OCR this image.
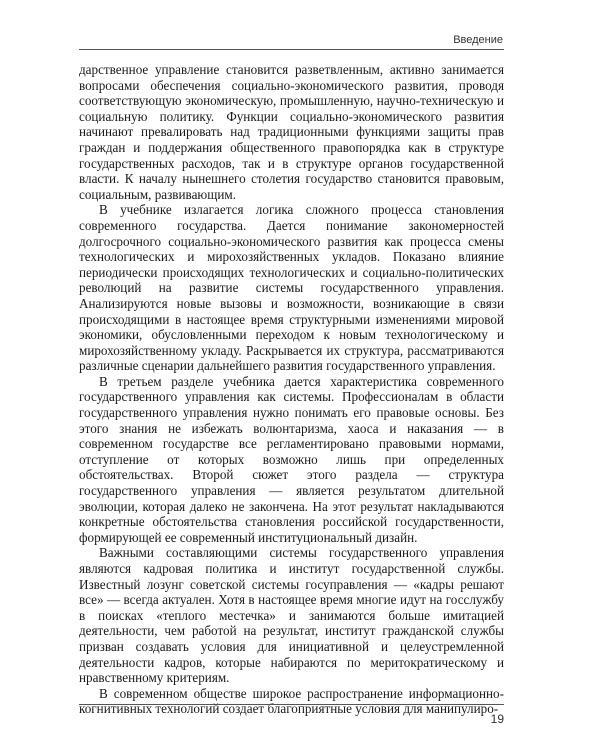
Введение

дарственное управление становится разветвленным, активно занимается вопросами обеспечения социально-экономического развития, проводя соответствующую экономическую, промышленную, научно-техническую и социальную политику. Функции социально-экономического развития начинают превалировать над традиционными функциями защиты прав граждан и поддержания общественного правопорядка как в структуре государственных расходов, так и в структуре органов государственной власти. К началу нынешнего столетия государство становится правовым, социальным, развивающим.

В учебнике излагается логика сложного процесса становления современного государства. Дается понимание закономерностей долгосрочного социально-экономического развития как процесса смены технологических и мирохозяйственных укладов. Показано влияние периодически происходящих технологических и социально-политических революций на развитие системы государственного управления. Анализируются новые вызовы и возможности, возникающие в связи происходящими в настоящее время структурными изменениями мировой экономики, обусловленными переходом к новым технологическому и мирохозяйственному укладу. Раскрывается их структура, рассматриваются различные сценарии дальнейшего развития государственного управления.

В третьем разделе учебника дается характеристика современного государственного управления как системы. Профессионалам в области государственного управления нужно понимать его правовые основы. Без этого знания не избежать волюнтаризма, хаоса и наказания — в современном государстве все регламентировано правовыми нормами, отступление от которых возможно лишь при определенных обстоятельствах. Второй сюжет этого раздела — структура государственного управления — является результатом длительной эволюции, которая далеко не закончена. На этот результат накладываются конкретные обстоятельства становления российской государственности, формирующей ее современный институциональный дизайн.

Важными составляющими системы государственного управления являются кадровая политика и институт государственной службы. Известный лозунг советской системы госуправления — «кадры решают все» — всегда актуален. Хотя в настоящее время многие идут на госслужбу в поисках «теплого местечка» и занимаются больше имитацией деятельности, чем работой на результат, институт гражданской службы призван создавать условия для инициативной и целеустремленной деятельности кадров, которые набираются по меритократическому и нравственному критериям.

В современном обществе широкое распространение информационно-когнитивных технологий создает благоприятные условия для манипулиро-

19
